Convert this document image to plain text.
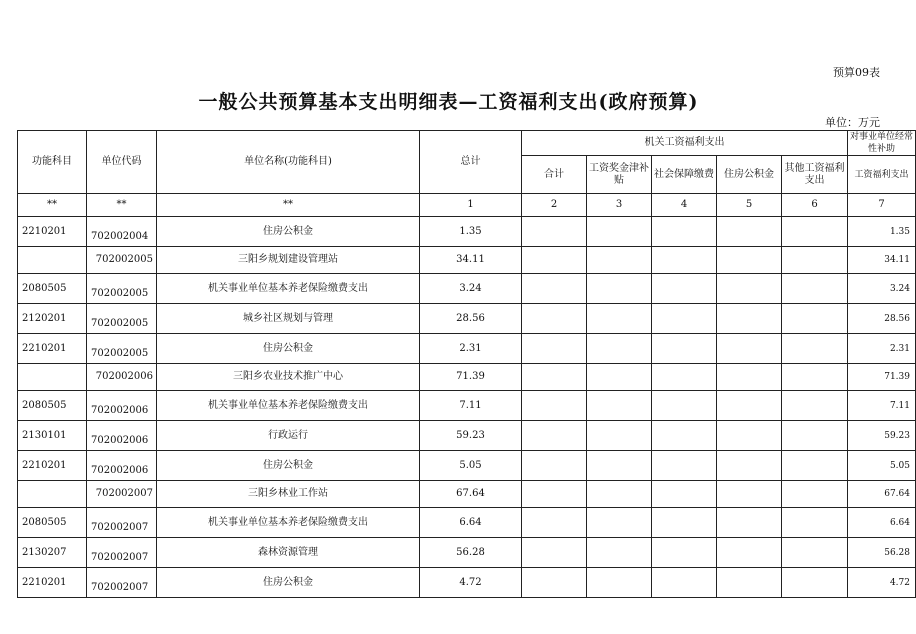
预算09表
一般公共预算基本支出明细表—工资福利支出(政府预算)
单位：万元
功能科目	单位代码	单位名称(功能科目)	总计	机关工资福利支出					对事业单位经常性补助
				合计	工资奖金津补贴	社会保障缴费	住房公积金	其他工资福利支出	工资福利支出
**	**	**	1	2	3	4	5	6	7
2210201	702002004	住房公积金	1.35						1.35
	702002005	三阳乡规划建设管理站	34.11						34.11
2080505	702002005	机关事业单位基本养老保险缴费支出	3.24						3.24
2120201	702002005	城乡社区规划与管理	28.56						28.56
2210201	702002005	住房公积金	2.31						2.31
	702002006	三阳乡农业技术推广中心	71.39						71.39
2080505	702002006	机关事业单位基本养老保险缴费支出	7.11						7.11
2130101	702002006	行政运行	59.23						59.23
2210201	702002006	住房公积金	5.05						5.05
	702002007	三阳乡林业工作站	67.64						67.64
2080505	702002007	机关事业单位基本养老保险缴费支出	6.64						6.64
2130207	702002007	森林资源管理	56.28						56.28
2210201	702002007	住房公积金	4.72						4.72
